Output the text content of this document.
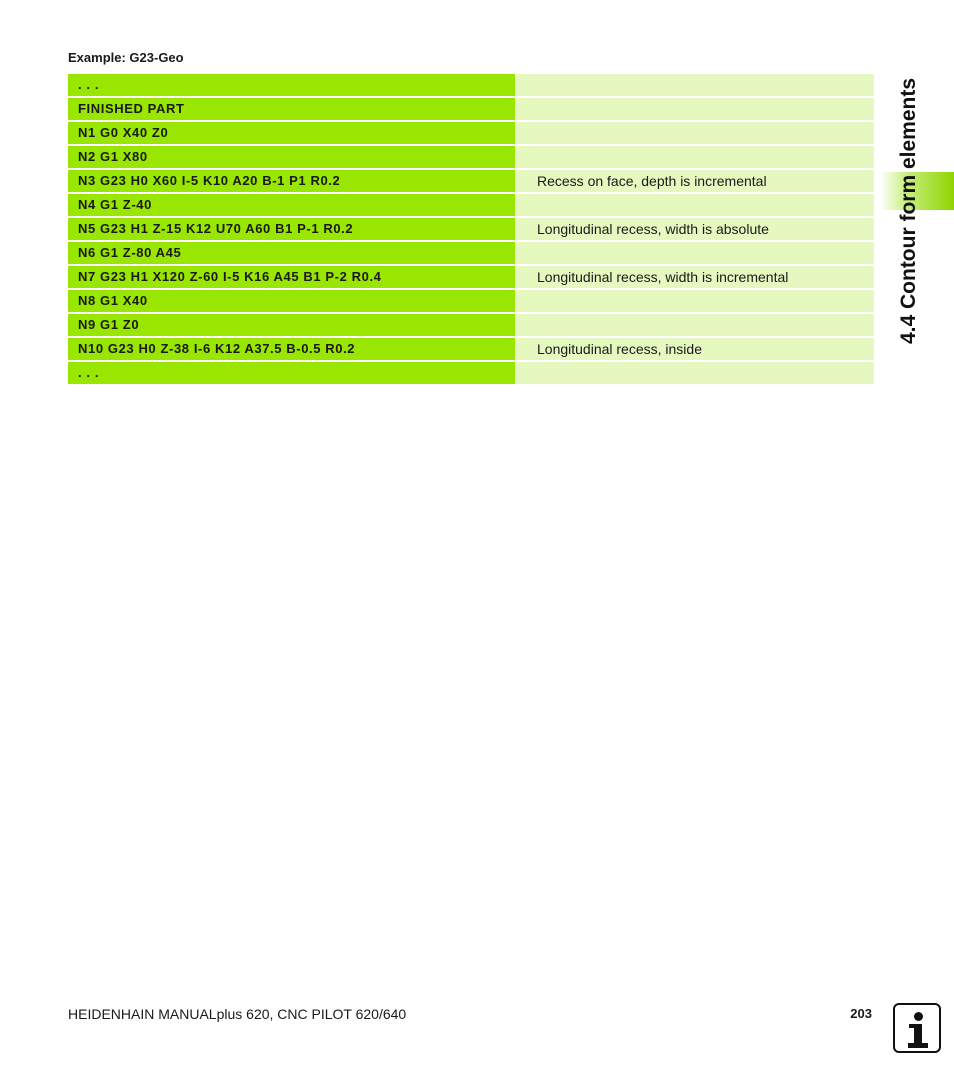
Example: G23-Geo
. . .
FINISHED PART
N1 G0 X40 Z0
N2 G1 X80
N3 G23 H0 X60 I-5 K10 A20 B-1 P1 R0.2	Recess on face, depth is incremental
N4 G1 Z-40
N5 G23 H1 Z-15 K12 U70 A60 B1 P-1 R0.2	Longitudinal recess, width is absolute
N6 G1 Z-80 A45
N7 G23 H1 X120 Z-60 I-5 K16 A45 B1 P-2 R0.4	Longitudinal recess, width is incremental
N8 G1 X40
N9 G1 Z0
N10 G23 H0 Z-38 I-6 K12 A37.5 B-0.5 R0.2	Longitudinal recess, inside
. . .
4.4 Contour form elements
HEIDENHAIN MANUALplus 620, CNC PILOT 620/640	203
